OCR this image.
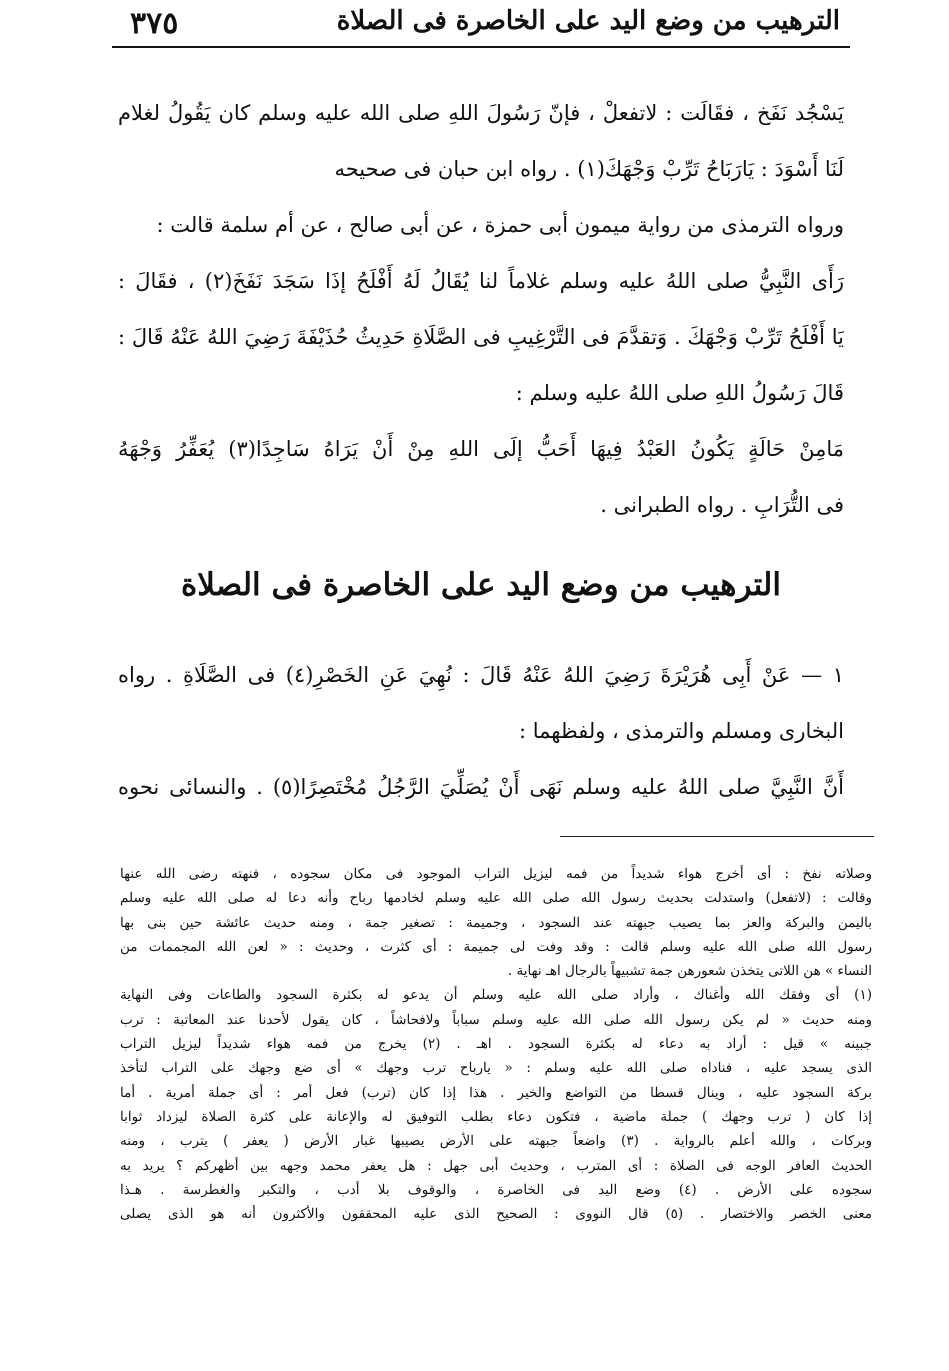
٣٧٥	الترهيب من وضع اليد على الخاصرة فى الصلاة
يَسْجُد نَفَخ ، فقَالَت : لاتفعلْ ، فإنّ رَسُولَ اللهِ صلى الله عليه وسلم كان يَقُولُ لغلام
لَنَا أَسْوَدَ : يَارَبَاحُ تَرِّبْ وَجْهَكَ(١) . رواه ابن حبان فى صحيحه
ورواه الترمذى من رواية ميمون أبى حمزة ، عن أبى صالح ، عن أم سلمة قالت :
رَأَى النَّبِيُّ صلى اللهُ عليه وسلم غلاماً لنا يُقَالُ لَهُ أَفْلَحُ إذَا سَجَدَ نَفَخَ(٢) ، فقَالَ :
يَا أَفْلَحُ تَرِّبْ وَجْهَكَ . وَتقدَّمَ فى التَّرْغِيبِ فى الصَّلَاةِ حَدِيثُ حُذَيْفَةَ رَضِيَ اللهُ عَنْهُ قَالَ :
قَالَ رَسُولُ اللهِ صلى اللهُ عليه وسلم :
مَامِنْ حَالَةٍ يَكُونُ العَبْدُ فِيهَا أَحَبُّ إلَى اللهِ مِنْ أَنْ يَرَاهُ سَاجِدًا(٣) يُعَفِّرُ وَجْهَهُ
فى التُّرَابِ . رواه الطبرانى .
الترهيب من وضع اليد على الخاصرة فى الصلاة
١ — عَنْ أَبِى هُرَيْرَةَ رَضِيَ اللهُ عَنْهُ قَالَ : نُهِيَ عَنِ الخَصْرِ(٤) فى الصَّلَاةِ . رواه
البخارى ومسلم والترمذى ، ولفظهما :
أَنَّ النَّبِيَّ صلى اللهُ عليه وسلم نَهَى أَنْ يُصَلِّيَ الرَّجُلُ مُخْتَصِرًا(٥) . والنسائى نحوه
وصلاته نفخ : أى أخرج هواء شديداً من فمه ليزيل التراب الموجود فى مكان سجوده ، فنهته رضى الله عنها
وقالت : (لاتفعل) واستدلت بحديث رسول الله صلى الله عليه وسلم لخادمها رباح وأنه دعا له صلى الله عليه وسلم
باليمن والبركة والعز بما يصيب جبهته عند السجود ، وجميمة : تصغير جمة ، ومنه حديث عائشة حين بنى بها
رسول الله صلى الله عليه وسلم قالت : وقد وفت لى جميمة : أى كثرت ، وحديث : « لعن الله المجممات من
النساء » هن اللاتى يتخذن شعورهن جمة تشبيهاً بالرجال اهـ نهاية .
(١) أى وفقك الله وأغناك ، وأراد صلى الله عليه وسلم أن يدعو له بكثرة السجود والطاعات وفى النهاية
ومنه حديث « لم يكن رسول الله صلى الله عليه وسلم سباباً ولافحاشاً ، كان يقول لأحدنا عند المعاتبة : ترب
جبينه » قيل : أراد به دعاء له بكثرة السجود . اهـ . (٢) يخرج من فمه هواء شديداً ليزيل التراب
الذى يسجد عليه ، فناداه صلى الله عليه وسلم : « يارباح ترب وجهك » أى ضع وجهك على التراب لتأخذ
بركة السجود عليه ، وينال قسطا من التواضع والخير . هذا إذا كان (ترب) فعل أمر : أى جملة أمرية . أما
إذا كان ( ترب وجهك ) جملة ماضية ، فتكون دعاء بطلب التوفيق له والإعانة على كثرة الصلاة ليزداد ثوابا
وبركات ، والله أعلم بالرواية . (٣) واضعاً جبهته على الأرض يصيبها غبار الأرض ( يعفر ) يترب ، ومنه
الحديث العافر الوجه فى الصلاة : أى المترب ، وحديث أبى جهل : هل يعفر محمد وجهه بين أظهركم ؟ يريد به
سجوده على الأرض . (٤) وضع اليد فى الخاصرة ، والوقوف بلا أدب ، والتكبر والغطرسة . هـذا
معنى الخصر والاختصار . (٥) قال النووى : الصحيح الذى عليه المحققون والأكثرون أنه هو الذى يصلى
